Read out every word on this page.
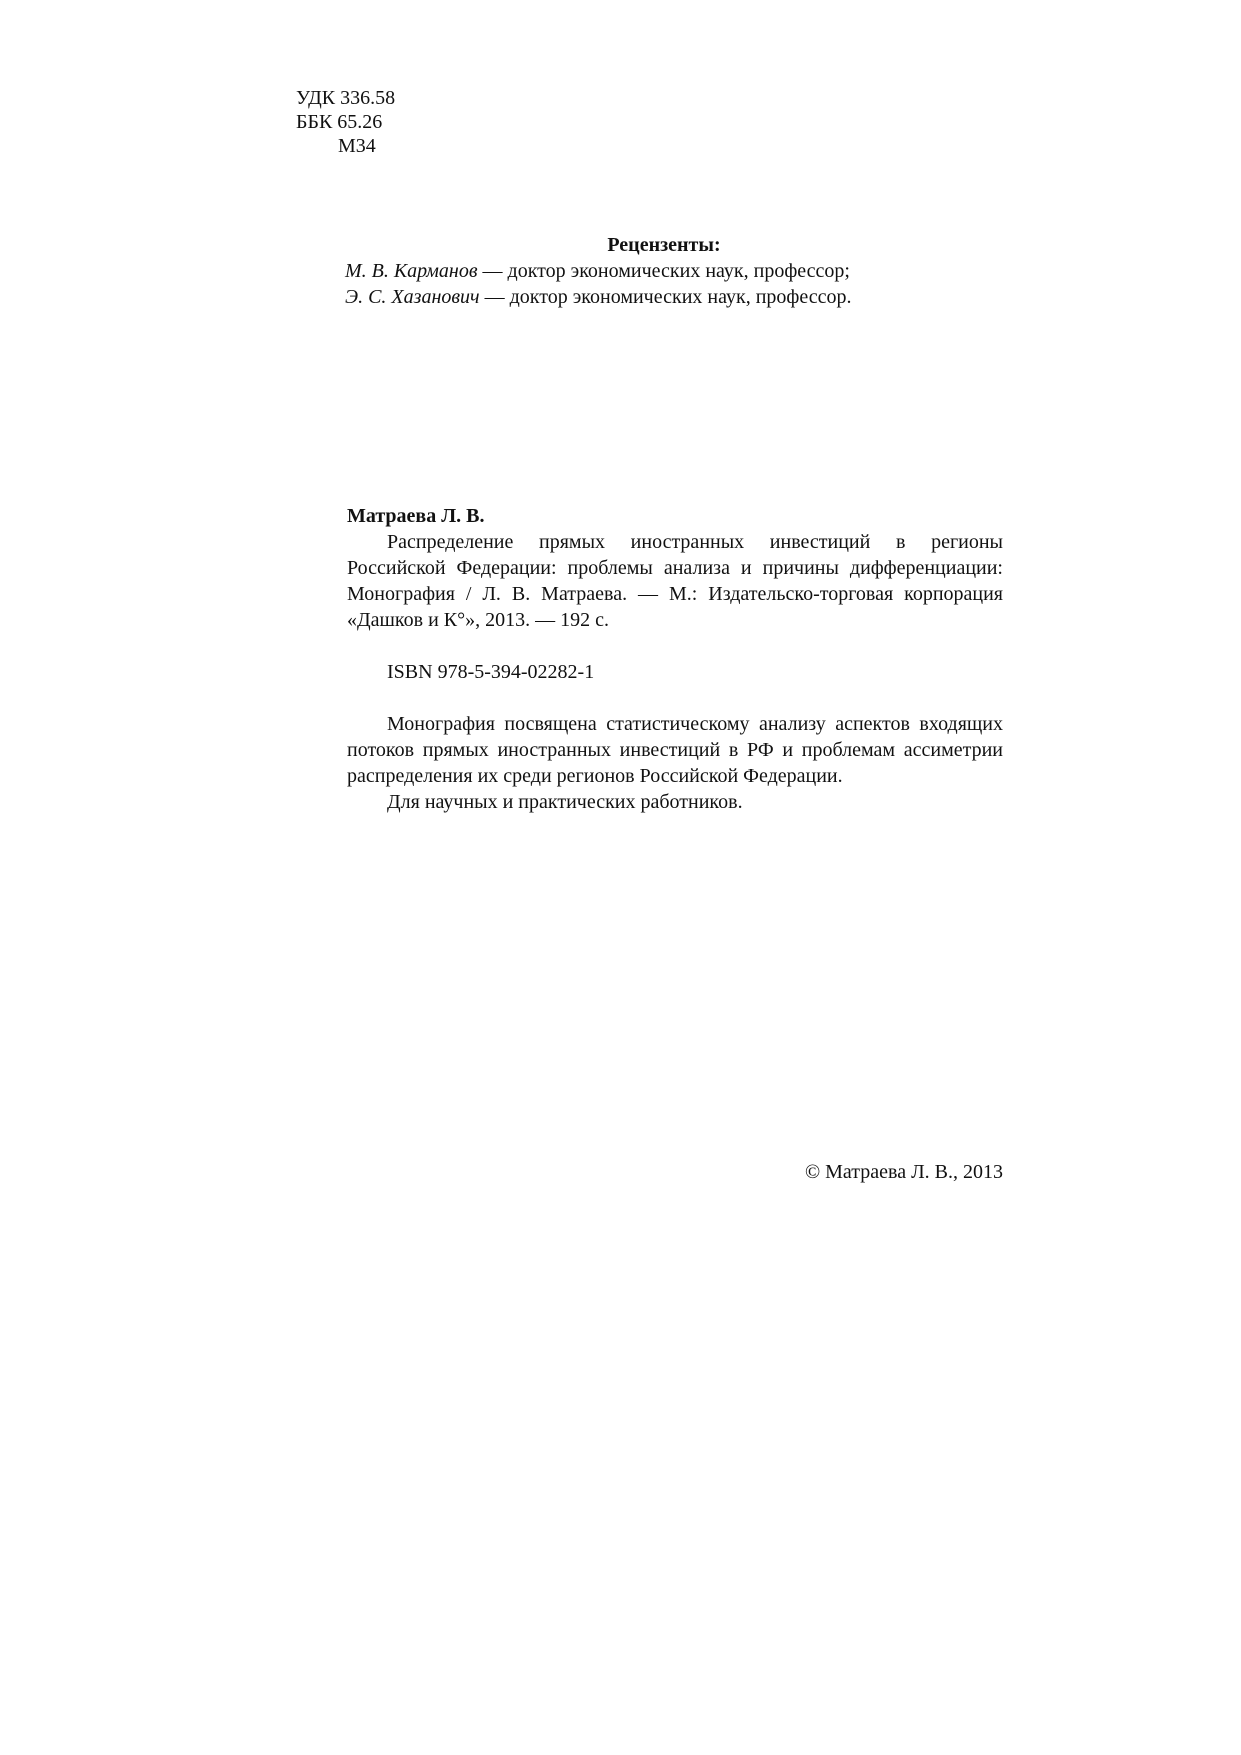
УДК 336.58
ББК 65.26
М34
Рецензенты:
М. В. Карманов — доктор экономических наук, профессор;
Э. С. Хазанович — доктор экономических наук, профессор.
Матраева Л. В.

Распределение прямых иностранных инвестиций в регионы Российской Федерации: проблемы анализа и причины дифференциации: Монография / Л. В. Матраева. — М.: Издательско-торговая корпорация «Дашков и К°», 2013. — 192 с.

ISBN 978-5-394-02282-1

Монография посвящена статистическому анализу аспектов входящих потоков прямых иностранных инвестиций в РФ и проблемам ассиметрии распределения их среди регионов Российской Федерации.

Для научных и практических работников.

© Матраева Л. В., 2013
